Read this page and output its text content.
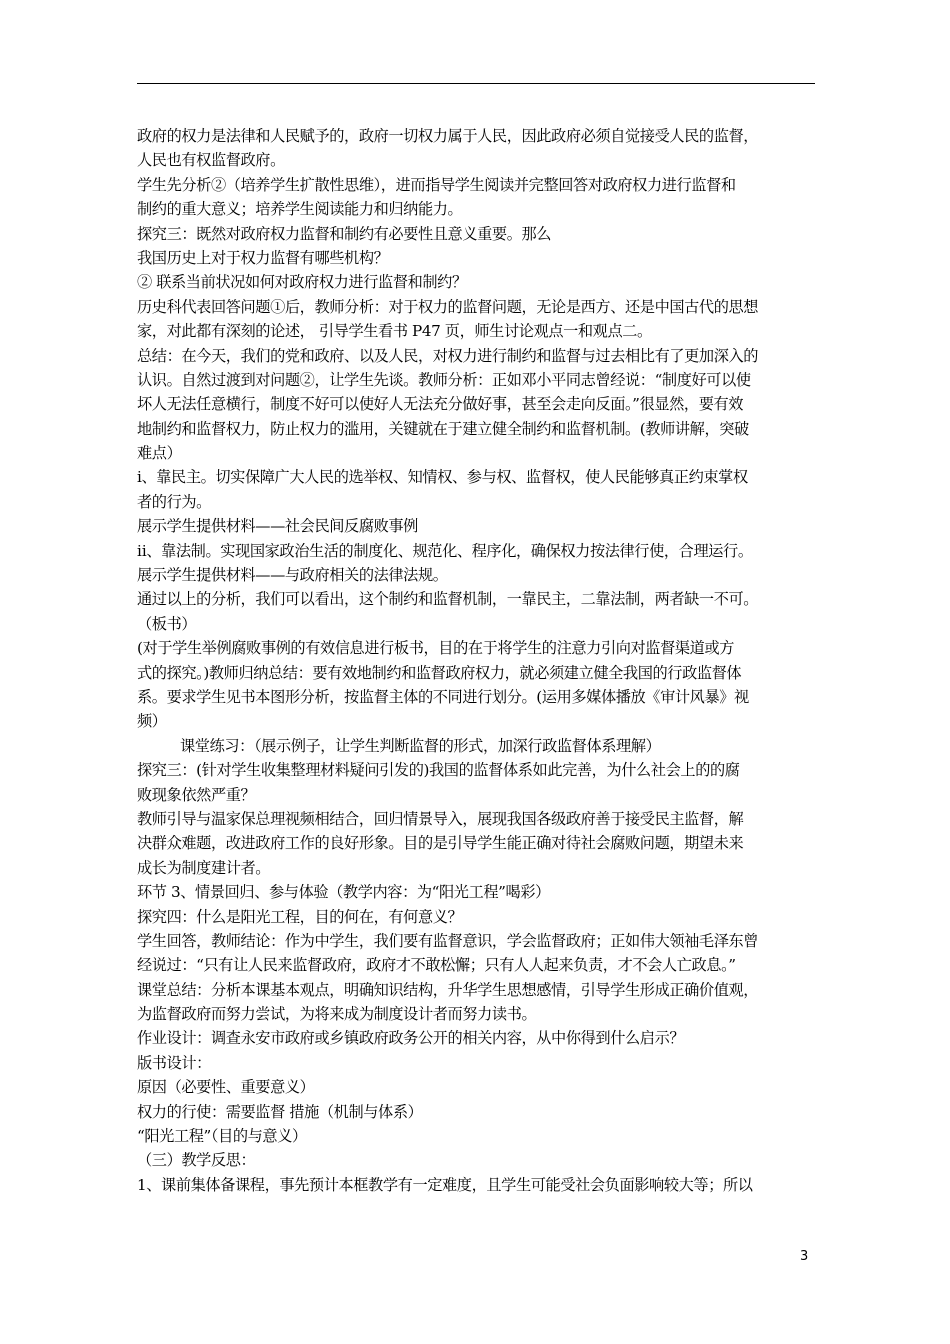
政府的权力是法律和人民赋予的，政府一切权力属于人民，因此政府必须自觉接受人民的监督，
人民也有权监督政府。
学生先分析②（培养学生扩散性思维），进而指导学生阅读并完整回答对政府权力进行监督和
制约的重大意义；培养学生阅读能力和归纳能力。
探究三：既然对政府权力监督和制约有必要性且意义重要。那么
我国历史上对于权力监督有哪些机构？
② 联系当前状况如何对政府权力进行监督和制约？
历史科代表回答问题①后，教师分析：对于权力的监督问题，无论是西方、还是中国古代的思想
家，对此都有深刻的论述， 引导学生看书 P47 页，师生讨论观点一和观点二。
总结：在今天，我们的党和政府、以及人民，对权力进行制约和监督与过去相比有了更加深入的
认识。自然过渡到对问题②，让学生先谈。教师分析：正如邓小平同志曾经说：“制度好可以使
坏人无法任意横行，制度不好可以使好人无法充分做好事，甚至会走向反面。”很显然，要有效
地制约和监督权力，防止权力的滥用，关键就在于建立健全制约和监督机制。(教师讲解，突破
难点）
ⅰ、靠民主。切实保障广大人民的选举权、知情权、参与权、监督权，使人民能够真正约束掌权
者的行为。
展示学生提供材料——社会民间反腐败事例
ⅱ、靠法制。实现国家政治生活的制度化、规范化、程序化，确保权力按法律行使，合理运行。
展示学生提供材料——与政府相关的法律法规。
通过以上的分析，我们可以看出，这个制约和监督机制，一靠民主，二靠法制，两者缺一不可。
（板书）
(对于学生举例腐败事例的有效信息进行板书，目的在于将学生的注意力引向对监督渠道或方
式的探究。)教师归纳总结：要有效地制约和监督政府权力，就必须建立健全我国的行政监督体
系。要求学生见书本图形分析，按监督主体的不同进行划分。(运用多媒体播放《审计风暴》视
频）
课堂练习：（展示例子，让学生判断监督的形式，加深行政监督体系理解）
探究三：(针对学生收集整理材料疑问引发的)我国的监督体系如此完善，为什么社会上的的腐
败现象依然严重？
教师引导与温家保总理视频相结合，回归情景导入，展现我国各级政府善于接受民主监督，解
决群众难题，改进政府工作的良好形象。目的是引导学生能正确对待社会腐败问题，期望未来
成长为制度建计者。
环节 3、情景回归、参与体验（教学内容：为“阳光工程”喝彩）
探究四：什么是阳光工程，目的何在，有何意义？
学生回答，教师结论：作为中学生，我们要有监督意识，学会监督政府；正如伟大领袖毛泽东曾
经说过：“只有让人民来监督政府，政府才不敢松懈；只有人人起来负责，才不会人亡政息。”
课堂总结：分析本课基本观点，明确知识结构，升华学生思想感情，引导学生形成正确价值观，
为监督政府而努力尝试，为将来成为制度设计者而努力读书。
作业设计：调查永安市政府或乡镇政府政务公开的相关内容，从中你得到什么启示？
版书设计：
原因（必要性、重要意义）
权力的行使：需要监督 措施（机制与体系）
“阳光工程”（目的与意义）
（三）教学反思：
1、课前集体备课程，事先预计本框教学有一定难度，且学生可能受社会负面影响较大等；所以
3
